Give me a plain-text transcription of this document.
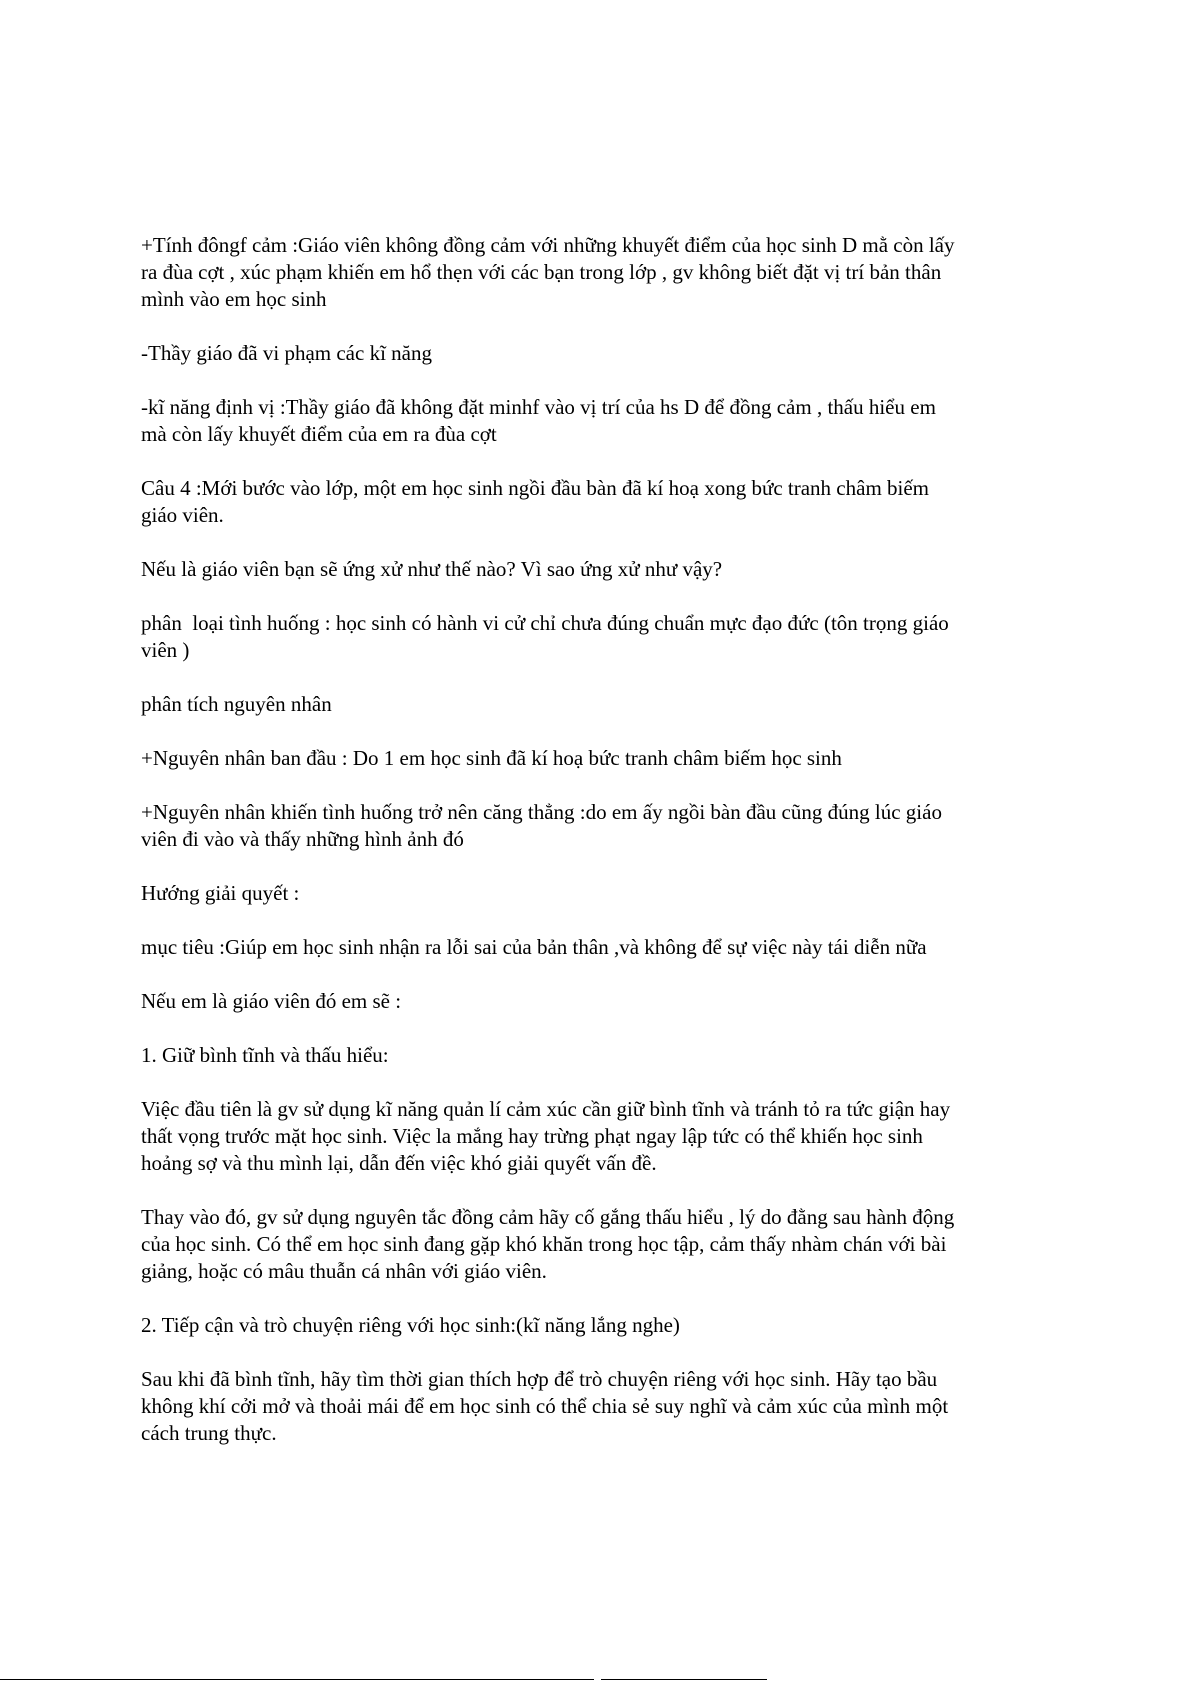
+Tính đôngf cảm :Giáo viên không đồng cảm với những khuyết điểm của học sinh D mằ còn lấy
ra đùa cợt , xúc phạm khiến em hổ thẹn với các bạn trong lớp , gv không biết đặt vị trí bản thân
mình vào em học sinh

-Thầy giáo đã vi phạm các kĩ năng

-kĩ năng định vị :Thầy giáo đã không đặt minhf vào vị trí của hs D để đồng cảm , thấu hiểu em
mà còn lấy khuyết điểm của em ra đùa cợt

Câu 4 :Mới bước vào lớp, một em học sinh ngồi đầu bàn đã kí hoạ xong bức tranh châm biếm
giáo viên.

Nếu là giáo viên bạn sẽ ứng xử như thế nào? Vì sao ứng xử như vậy?

phân  loại tình huống : học sinh có hành vi cử chỉ chưa đúng chuẩn mực đạo đức (tôn trọng giáo
viên )

phân tích nguyên nhân

+Nguyên nhân ban đầu : Do 1 em học sinh đã kí hoạ bức tranh châm biếm học sinh

+Nguyên nhân khiến tình huống trở nên căng thẳng :do em ấy ngồi bàn đầu cũng đúng lúc giáo
viên đi vào và thấy những hình ảnh đó

Hướng giải quyết :

mục tiêu :Giúp em học sinh nhận ra lỗi sai của bản thân ,và không để sự việc này tái diễn nữa

Nếu em là giáo viên đó em sẽ :

1. Giữ bình tĩnh và thấu hiểu:

Việc đầu tiên là gv sử dụng kĩ năng quản lí cảm xúc cần giữ bình tĩnh và tránh tỏ ra tức giận hay
thất vọng trước mặt học sinh. Việc la mắng hay trừng phạt ngay lập tức có thể khiến học sinh
hoảng sợ và thu mình lại, dẫn đến việc khó giải quyết vấn đề.

Thay vào đó, gv sử dụng nguyên tắc đồng cảm hãy cố gắng thấu hiểu , lý do đằng sau hành động
của học sinh. Có thể em học sinh đang gặp khó khăn trong học tập, cảm thấy nhàm chán với bài
giảng, hoặc có mâu thuẫn cá nhân với giáo viên.

2. Tiếp cận và trò chuyện riêng với học sinh:(kĩ năng lắng nghe)

Sau khi đã bình tĩnh, hãy tìm thời gian thích hợp để trò chuyện riêng với học sinh. Hãy tạo bầu
không khí cởi mở và thoải mái để em học sinh có thể chia sẻ suy nghĩ và cảm xúc của mình một
cách trung thực.
